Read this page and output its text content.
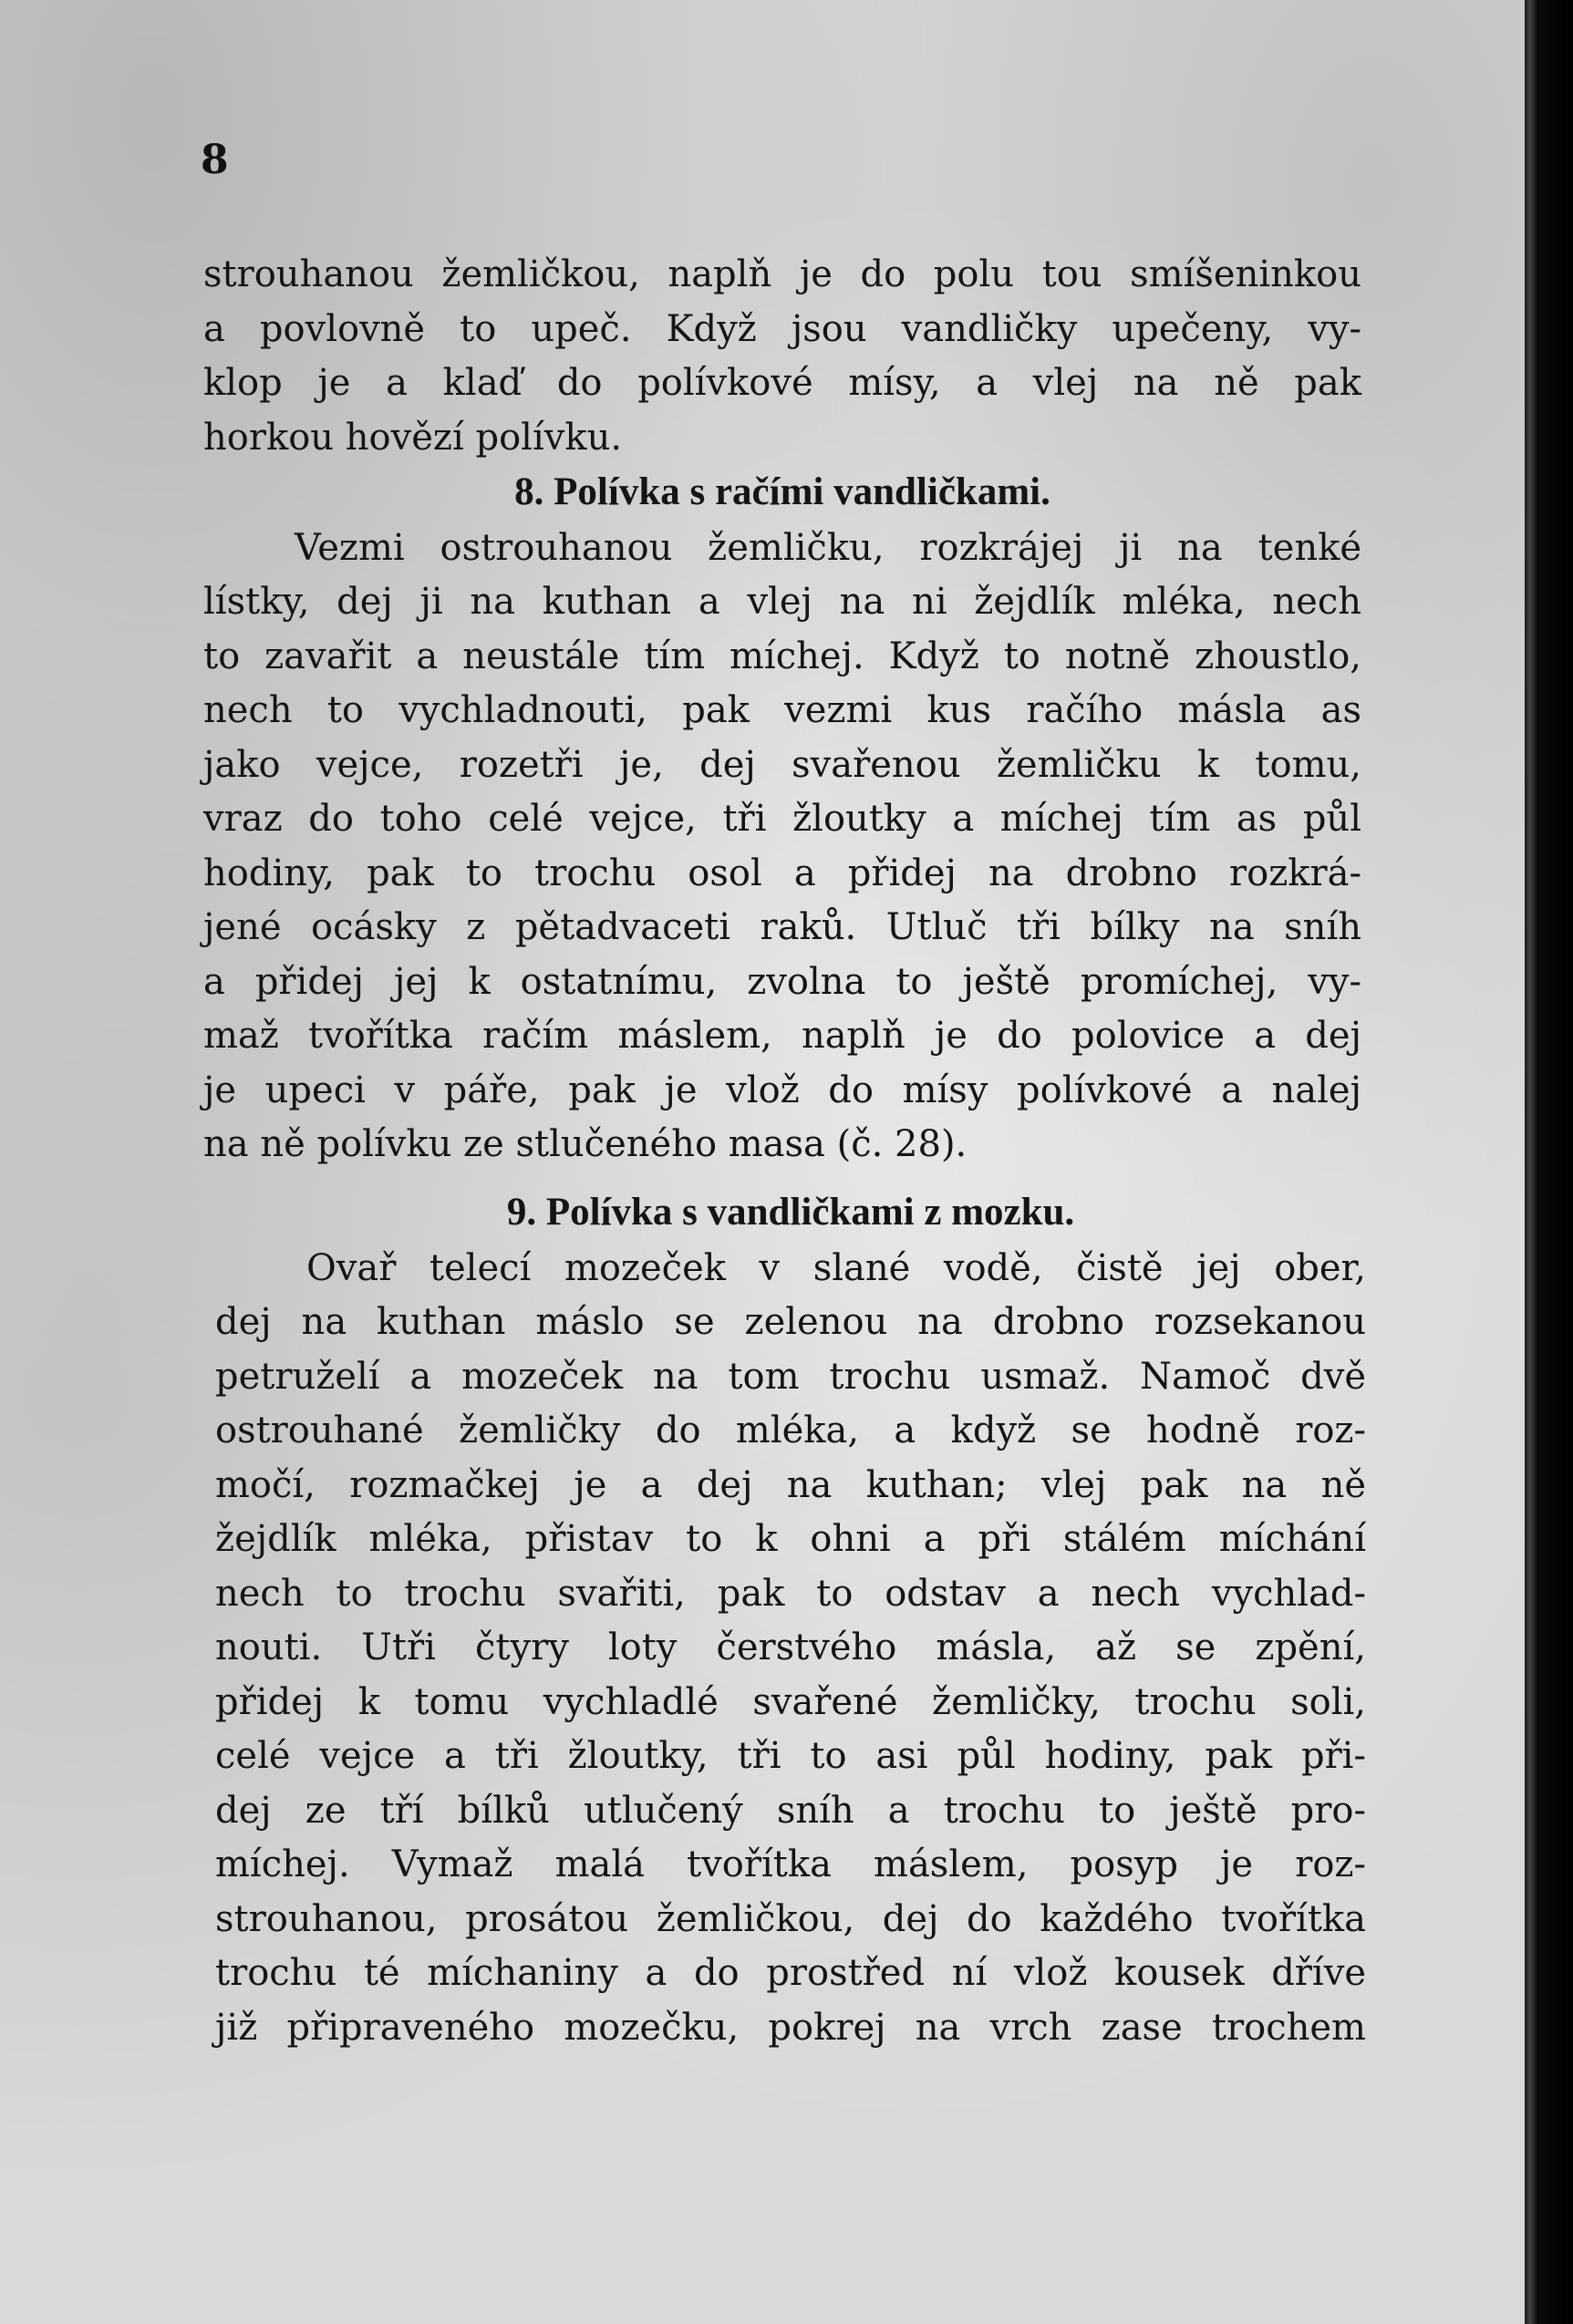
8
strouhanou žemličkou, naplň je do polu tou smíšeninkou
a povlovně to upeč. Když jsou vandličky upečeny, vy-
klop je a klaď do polívkové mísy, a vlej na ně pak
horkou hovězí polívku.
8. Polívka s račími vandličkami.
Vezmi ostrouhanou žemličku, rozkrájej ji na tenké
lístky, dej ji na kuthan a vlej na ni žejdlík mléka, nech
to zavařit a neustále tím míchej. Když to notně zhoustlo,
nech to vychladnouti, pak vezmi kus račího másla as
jako vejce, rozetři je, dej svařenou žemličku k tomu,
vraz do toho celé vejce, tři žloutky a míchej tím as půl
hodiny, pak to trochu osol a přidej na drobno rozkrá-
jené ocásky z pětadvaceti raků. Utluč tři bílky na sníh
a přidej jej k ostatnímu, zvolna to ještě promíchej, vy-
maž tvořítka račím máslem, naplň je do polovice a dej
je upeci v páře, pak je vlož do mísy polívkové a nalej
na ně polívku ze stlučeného masa (č. 28).
9. Polívka s vandličkami z mozku.
Ovař telecí mozeček v slané vodě, čistě jej ober,
dej na kuthan máslo se zelenou na drobno rozsekanou
petruželí a mozeček na tom trochu usmaž. Namoč dvě
ostrouhané žemličky do mléka, a když se hodně roz-
močí, rozmačkej je a dej na kuthan; vlej pak na ně
žejdlík mléka, přistav to k ohni a při stálém míchání
nech to trochu svařiti, pak to odstav a nech vychlad-
nouti. Utři čtyry loty čerstvého másla, až se zpění,
přidej k tomu vychladlé svařené žemličky, trochu soli,
celé vejce a tři žloutky, tři to asi půl hodiny, pak při-
dej ze tří bílků utlučený sníh a trochu to ještě pro-
míchej. Vymaž malá tvořítka máslem, posyp je roz-
strouhanou, prosátou žemličkou, dej do každého tvořítka
trochu té míchaniny a do prostřed ní vlož kousek dříve
již připraveného mozečku, pokrej na vrch zase trochem
